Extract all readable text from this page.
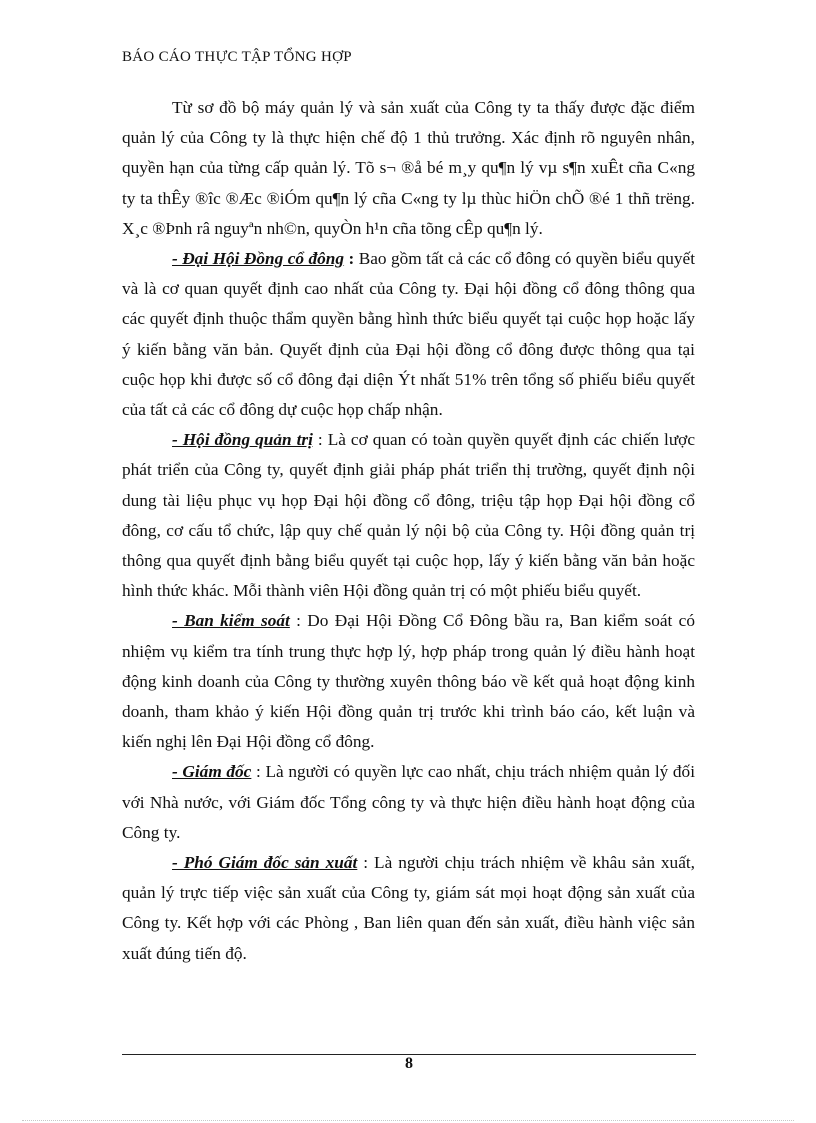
BÁO CÁO THỰC TẬP TỔNG HỢP

Từ sơ đồ bộ máy quản lý và sản xuất của Công ty ta thấy được đặc điểm quản lý của Công ty là thực hiện chế độ 1 thủ trưởng. Xác định rõ nguyên nhân, quyền hạn của từng cấp quản lý. Tõ s¬ ®å bé m¸y qu¶n lý vµ s¶n xuÊt cña C«ng ty ta thÊy ®îc ®Æc ®iÓm qu¶n lý cña C«ng ty lµ thùc hiÖn chÕ ®é 1 thñ trëng. X¸c ®Þnh râ nguyªn nh©n, quyÒn h¹n cña tõng cÊp qu¶n lý.

- Đại Hội Đồng cổ đông : Bao gồm tất cả các cổ đông có quyền biểu quyết và là cơ quan quyết định cao nhất của Công ty. Đại hội đồng cổ đông thông qua các quyết định thuộc thẩm quyền bằng hình thức biểu quyết tại cuộc họp hoặc lấy ý kiến bằng văn bản. Quyết định của Đại hội đồng cổ đông được thông qua tại cuộc họp khi được số cổ đông đại diện Ýt nhất 51% trên tổng số phiếu biểu quyết của tất cả các cổ đông dự cuộc họp chấp nhận.

- Hội đồng quản trị : Là cơ quan có toàn quyền quyết định các chiến lược phát triển của Công ty, quyết định giải pháp phát triển thị trường, quyết định nội dung tài liệu phục vụ họp Đại hội đồng cổ đông, triệu tập họp Đại hội đồng cổ đông, cơ cấu tổ chức, lập quy chế quản lý nội bộ của Công ty. Hội đồng quản trị thông qua quyết định bằng biểu quyết tại cuộc họp, lấy ý kiến bằng văn bản hoặc hình thức khác. Mỗi thành viên Hội đồng quản trị có một phiếu biểu quyết.

- Ban kiểm soát : Do Đại Hội Đồng Cổ Đông bầu ra, Ban kiểm soát có nhiệm vụ kiểm tra tính trung thực hợp lý, hợp pháp trong quản lý điều hành hoạt động kinh doanh của Công ty thường xuyên thông báo về kết quả hoạt động kinh doanh, tham khảo ý kiến Hội đồng quản trị trước khi trình báo cáo, kết luận và kiến nghị lên Đại Hội đồng cổ đông.

- Giám đốc : Là người có quyền lực cao nhất, chịu trách nhiệm quản lý đối với Nhà nước, với Giám đốc Tổng công ty và thực hiện điều hành hoạt động của Công ty.

- Phó Giám đốc sản xuất : Là người chịu trách nhiệm về khâu sản xuất, quản lý trực tiếp việc sản xuất của Công ty, giám sát mọi hoạt động sản xuất của Công ty. Kết hợp với các Phòng , Ban liên quan đến sản xuất, điều hành việc sản xuất đúng tiến độ.

8
